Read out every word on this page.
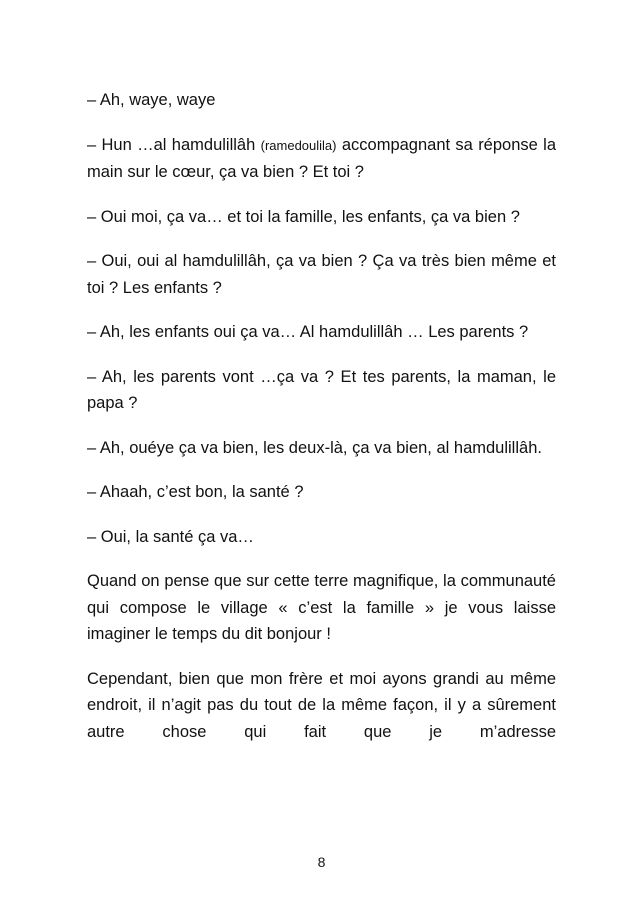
– Ah, waye, waye

– Hun …al hamdulillâh (ramedoulila) accompagnant sa réponse la main sur le cœur, ça va bien ? Et toi ?

– Oui moi, ça va… et toi la famille, les enfants, ça va bien ?

– Oui, oui al hamdulillâh, ça va bien ? Ça va très bien même et toi ? Les enfants ?

– Ah, les enfants oui ça va… Al hamdulillâh … Les parents ?

– Ah, les parents vont …ça va ? Et tes parents, la maman, le papa ?

– Ah, ouéye ça va bien, les deux-là, ça va bien, al hamdulillâh.

– Ahaah, c’est bon, la santé ?

– Oui, la santé ça va…

Quand on pense que sur cette terre magnifique, la communauté qui compose le village « c’est la famille » je vous laisse imaginer le temps du dit bonjour !

Cependant, bien que mon frère et moi ayons grandi au même endroit, il n’agit pas du tout de la même façon, il y a sûrement autre chose qui fait que je m’adresse

8
